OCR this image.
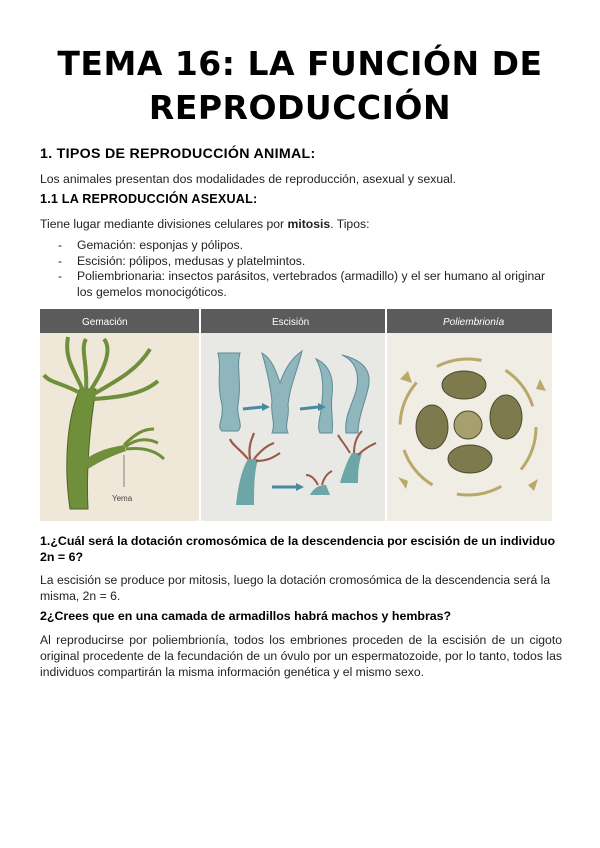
TEMA 16: LA FUNCIÓN DE
REPRODUCCIÓN
1. TIPOS DE REPRODUCCIÓN ANIMAL:
Los animales presentan dos modalidades de reproducción, asexual y sexual.
1.1 LA REPRODUCCIÓN ASEXUAL:
Tiene lugar mediante divisiones celulares por mitosis. Tipos:
- Gemación: esponjas y pólipos.
- Escisión: pólipos, medusas y platelmintos.
- Poliembrionaria: insectos parásitos, vertebrados (armadillo) y el ser humano al originar los gemelos monocigóticos.
Gemación	Escisión	Poliembrionía
Yema
1.¿Cuál será la dotación cromosómica de la descendencia por escisión de un individuo 2n = 6?
La escisión se produce por mitosis, luego la dotación cromosómica de la descendencia será la misma, 2n = 6.
2¿Crees que en una camada de armadillos habrá machos y hembras?
Al reproducirse por poliembrionía, todos los embriones proceden de la escisión de un cigoto original procedente de la fecundación de un óvulo por un espermatozoide, por lo tanto, todos las individuos compartirán la misma información genética y el mismo sexo.
